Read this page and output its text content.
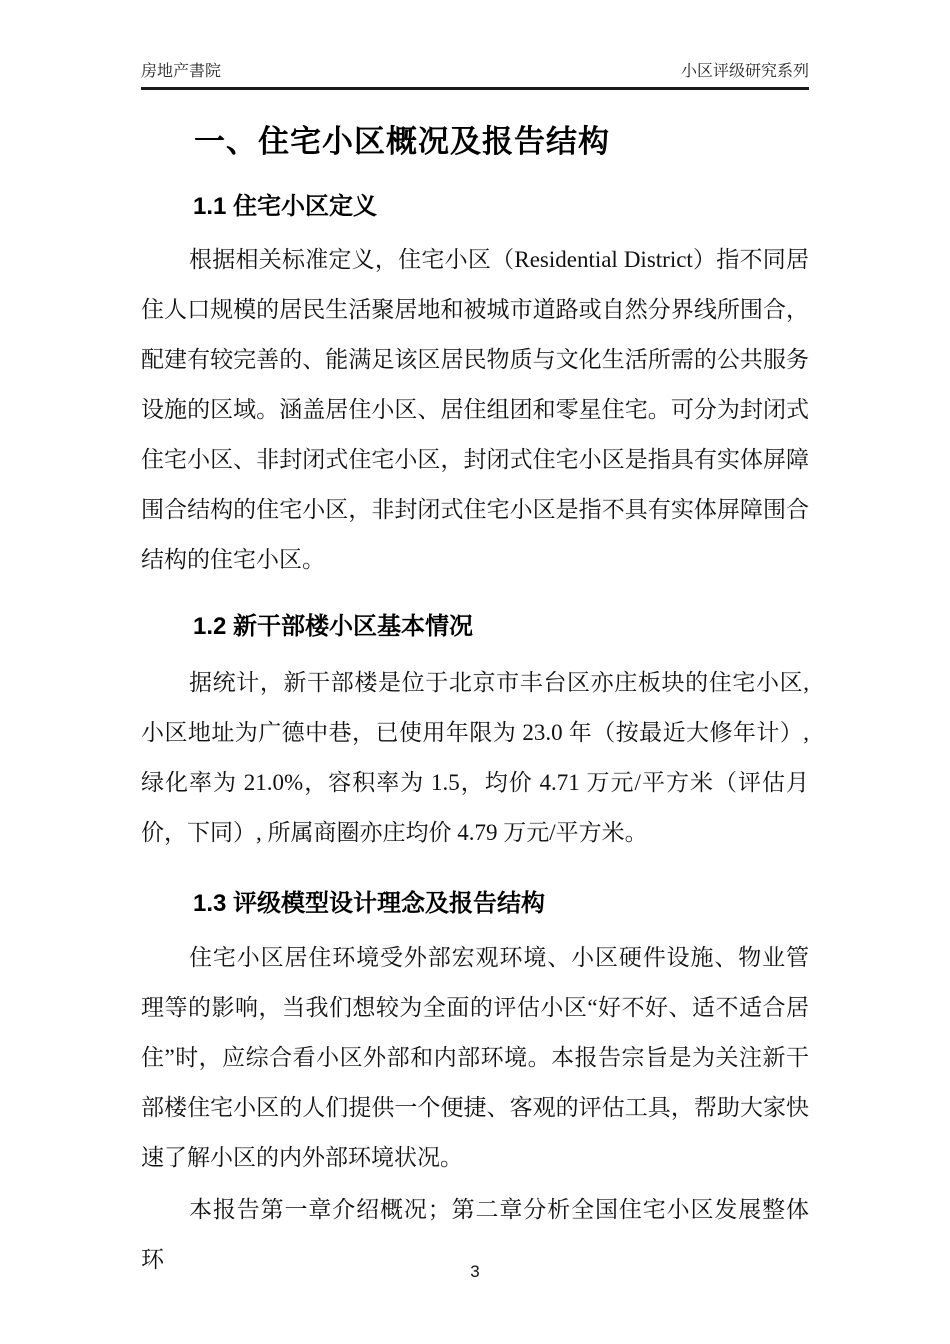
房地产書院	小区评级研究系列
一、住宅小区概况及报告结构
1.1 住宅小区定义

根据相关标准定义，住宅小区（Residential District）指不同居住人口规模的居民生活聚居地和被城市道路或自然分界线所围合，配建有较完善的、能满足该区居民物质与文化生活所需的公共服务设施的区域。涵盖居住小区、居住组团和零星住宅。可分为封闭式住宅小区、非封闭式住宅小区，封闭式住宅小区是指具有实体屏障围合结构的住宅小区，非封闭式住宅小区是指不具有实体屏障围合结构的住宅小区。

1.2 新干部楼小区基本情况

据统计，新干部楼是位于北京市丰台区亦庄板块的住宅小区, 小区地址为广德中巷，已使用年限为 23.0 年（按最近大修年计）, 绿化率为 21.0%，容积率为 1.5，均价 4.71 万元/平方米（评估月价，下同）, 所属商圈亦庄均价 4.79 万元/平方米。

1.3 评级模型设计理念及报告结构

住宅小区居住环境受外部宏观环境、小区硬件设施、物业管理等的影响，当我们想较为全面的评估小区“好不好、适不适合居住”时，应综合看小区外部和内部环境。本报告宗旨是为关注新干部楼住宅小区的人们提供一个便捷、客观的评估工具，帮助大家快速了解小区的内外部环境状况。

本报告第一章介绍概况；第二章分析全国住宅小区发展整体环	3
